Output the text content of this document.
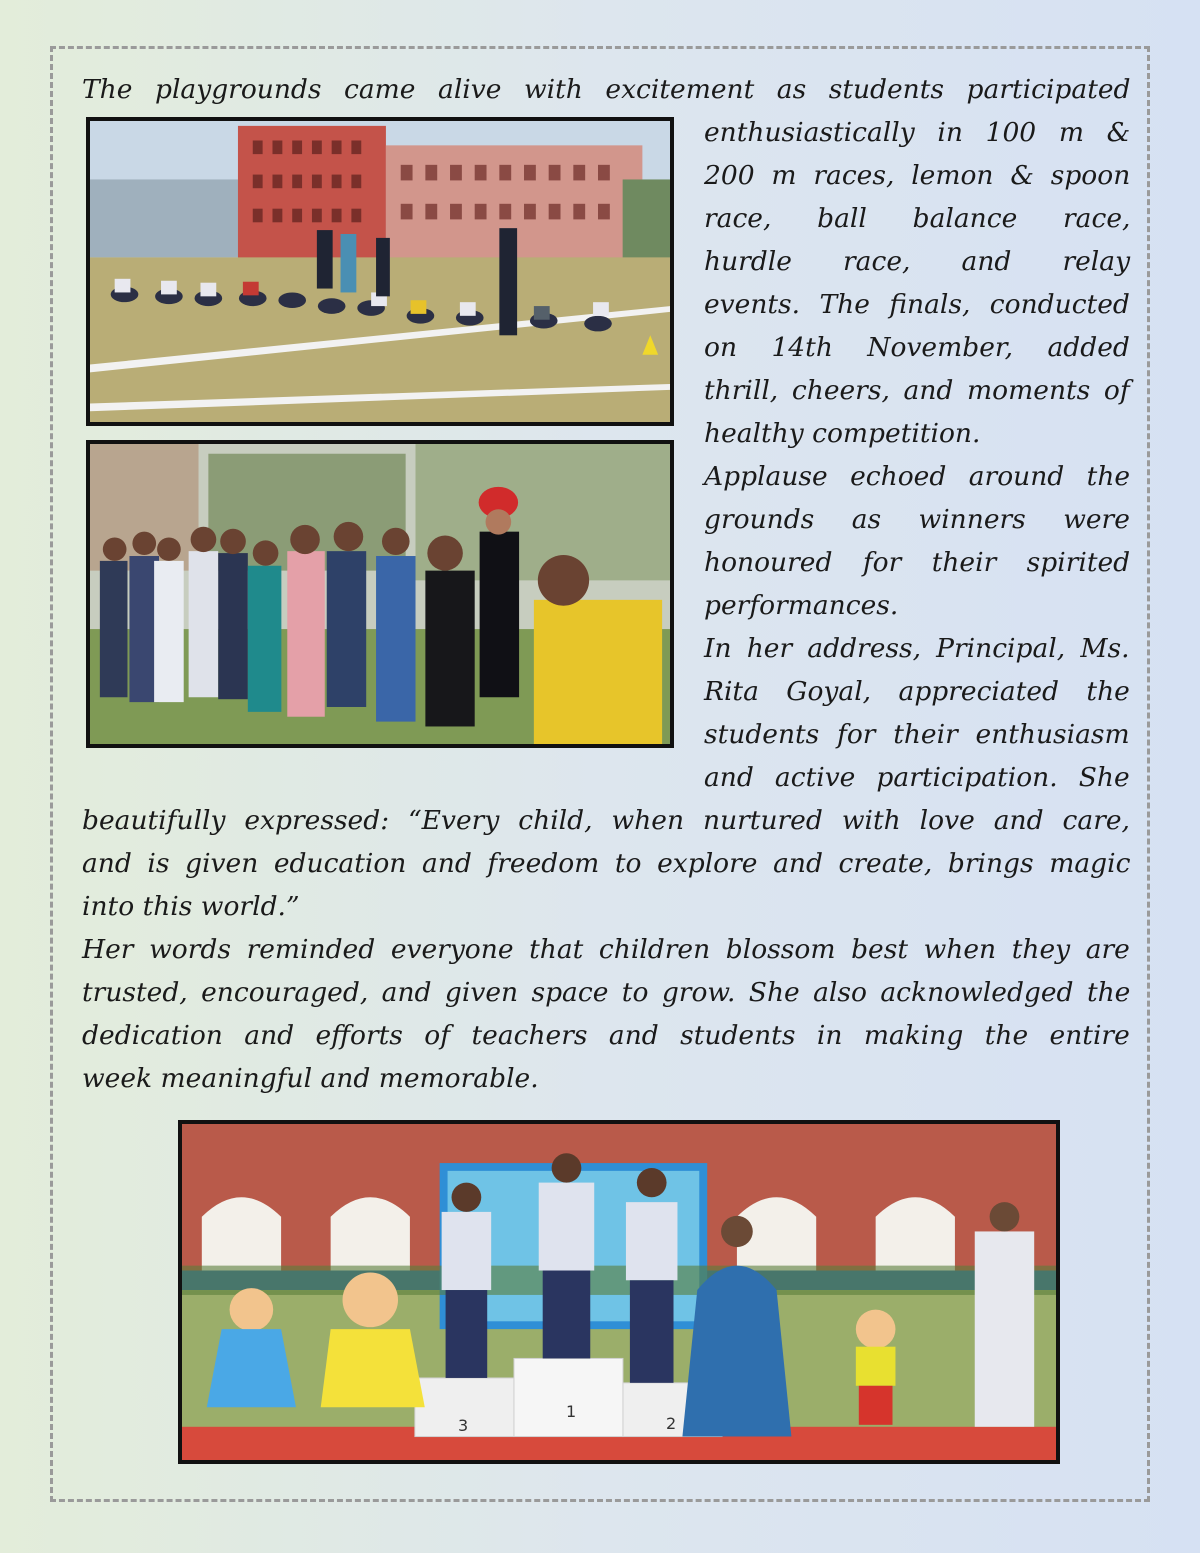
The playgrounds came alive with excitement as students participated
enthusiastically in 100 m &
200 m races, lemon & spoon
race, ball balance race,
hurdle race, and relay
events. The finals, conducted
on 14th November, added
thrill, cheers, and moments of
healthy competition.
Applause echoed around the
grounds as winners were
honoured for their spirited
performances.
In her address, Principal, Ms.
Rita Goyal, appreciated the
students for their enthusiasm
and active participation. She
beautifully expressed: “Every child, when nurtured with love and care,
and is given education and freedom to explore and create, brings magic
into this world.”
Her words reminded everyone that children blossom best when they are
trusted, encouraged, and given space to grow. She also acknowledged the
dedication and efforts of teachers and students in making the entire
week meaningful and memorable.
3
1
2
